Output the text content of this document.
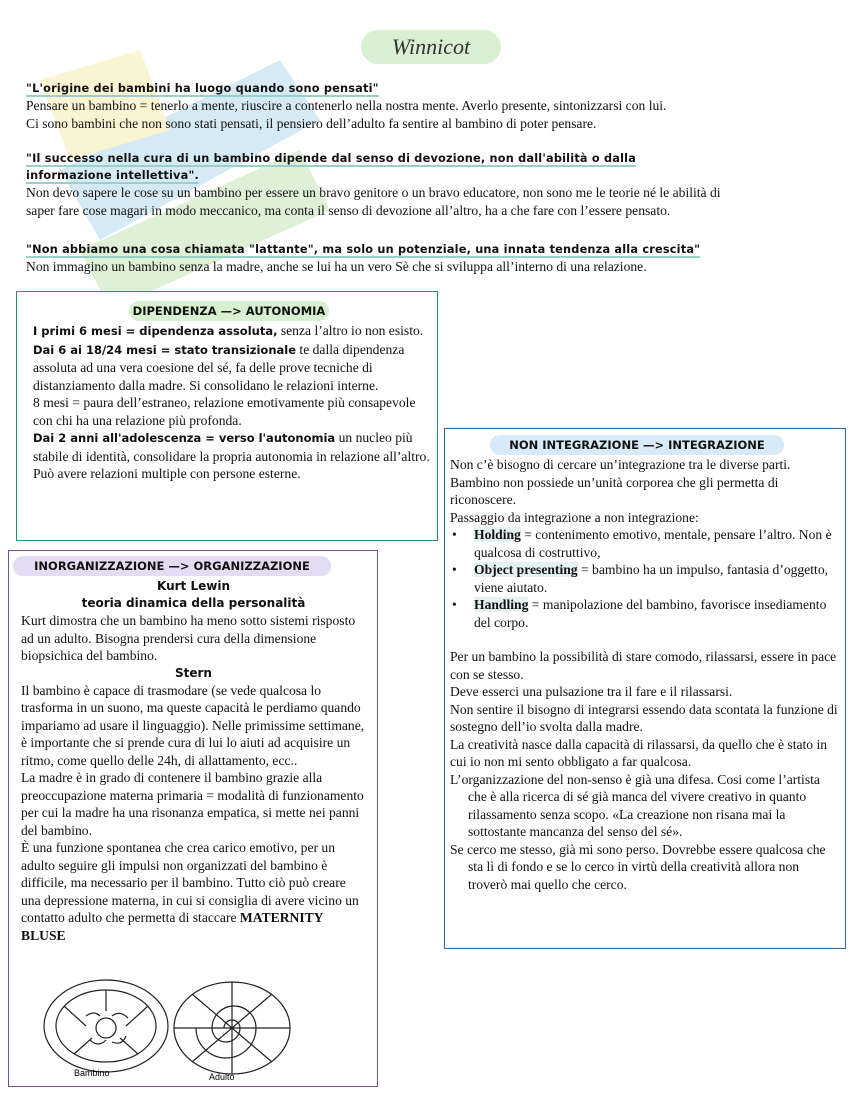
Winnicot
"L'origine dei bambini ha luogo quando sono pensati"

Pensare un bambino = tenerlo a mente, riuscire a contenerlo nella nostra mente. Averlo presente, sintonizzarsi con lui.

Ci sono bambini che non sono stati pensati, il pensiero dell’adulto fa sentire al bambino di poter pensare.

"Il successo nella cura di un bambino dipende dal senso di devozione, non dall'abilità o dalla
informazione intellettiva".

Non devo sapere le cose su un bambino per essere un bravo genitore o un bravo educatore, non sono me le teorie né le abilità di

saper fare cose magari in modo meccanico, ma conta il senso di devozione all’altro, ha a che fare con l’essere pensato.

"Non abbiamo una cosa chiamata "lattante", ma solo un potenziale, una innata tendenza alla crescita"

Non immagino un bambino senza la madre, anche se lui ha un vero Sè che si sviluppa all’interno di una relazione.

DIPENDENZA —> AUTONOMIA

I primi 6 mesi = dipendenza assoluta, senza l’altro io non esisto.

Dai 6 ai 18/24 mesi = stato transizionale te dalla dipendenza assoluta ad una vera coesione del sé, fa delle prove tecniche di distanziamento dalla madre. Si consolidano le relazioni interne.

8 mesi = paura dell’estraneo, relazione emotivamente più consapevole con chi ha una relazione più profonda.

Dai 2 anni all'adolescenza = verso l'autonomia un nucleo più stabile di identità, consolidare la propria autonomia in relazione all’altro. Può avere relazioni multiple con persone esterne.

INORGANIZZAZIONE —> ORGANIZZAZIONE
Kurt Lewin
teoria dinamica della personalità

Kurt dimostra che un bambino ha meno sotto sistemi risposto ad un adulto. Bisogna prendersi cura della dimensione biopsichica del bambino.

Stern

Il bambino è capace di trasmodare (se vede qualcosa lo trasforma in un suono, ma queste capacità le perdiamo quando impariamo ad usare il linguaggio). Nelle primissime settimane, è importante che si prende cura di lui lo aiuti ad acquisire un ritmo, come quello delle 24h, di allattamento, ecc..

La madre è in grado di contenere il bambino grazie alla preoccupazione materna primaria = modalità di funzionamento per cui la madre ha una risonanza empatica, si mette nei panni del bambino.

È una funzione spontanea che crea carico emotivo, per un adulto seguire gli impulsi non organizzati del bambino è difficile, ma necessario per il bambino. Tutto ciò può creare una depressione materna, in cui si consiglia di avere vicino un contatto adulto che permetta di staccare MATERNITY BLUSE

Bambino	Adulto
NON INTEGRAZIONE —> INTEGRAZIONE

Non c’è bisogno di cercare un’integrazione tra le diverse parti.

Bambino non possiede un’unità corporea che gli permetta di riconoscere.

Passaggio da integrazione a non integrazione:

• Holding = contenimento emotivo, mentale, pensare l’altro. Non è qualcosa di costruttivo,
• Object presenting = bambino ha un impulso, fantasia d’oggetto, viene aiutato.
• Handling = manipolazione del bambino, favorisce insediamento del corpo.

Per un bambino la possibilità di stare comodo, rilassarsi, essere in pace con se stesso.

Deve esserci una pulsazione tra il fare e il rilassarsi.

Non sentire il bisogno di integrarsi essendo data scontata la funzione di sostegno dell’io svolta dalla madre.

La creatività nasce dalla capacità di rilassarsi, da quello che è stato in cui io non mi sento obbligato a far qualcosa.

L’organizzazione del non-senso è già una difesa. Cosi come l’artista che è alla ricerca di sé già manca del vivere creativo in quanto rilassamento senza scopo. «La creazione non risana mai la sottostante mancanza del senso del sé».

Se cerco me stesso, già mi sono perso. Dovrebbe essere qualcosa che sta lì di fondo e se lo cerco in virtù della creatività allora non troverò mai quello che cerco.
